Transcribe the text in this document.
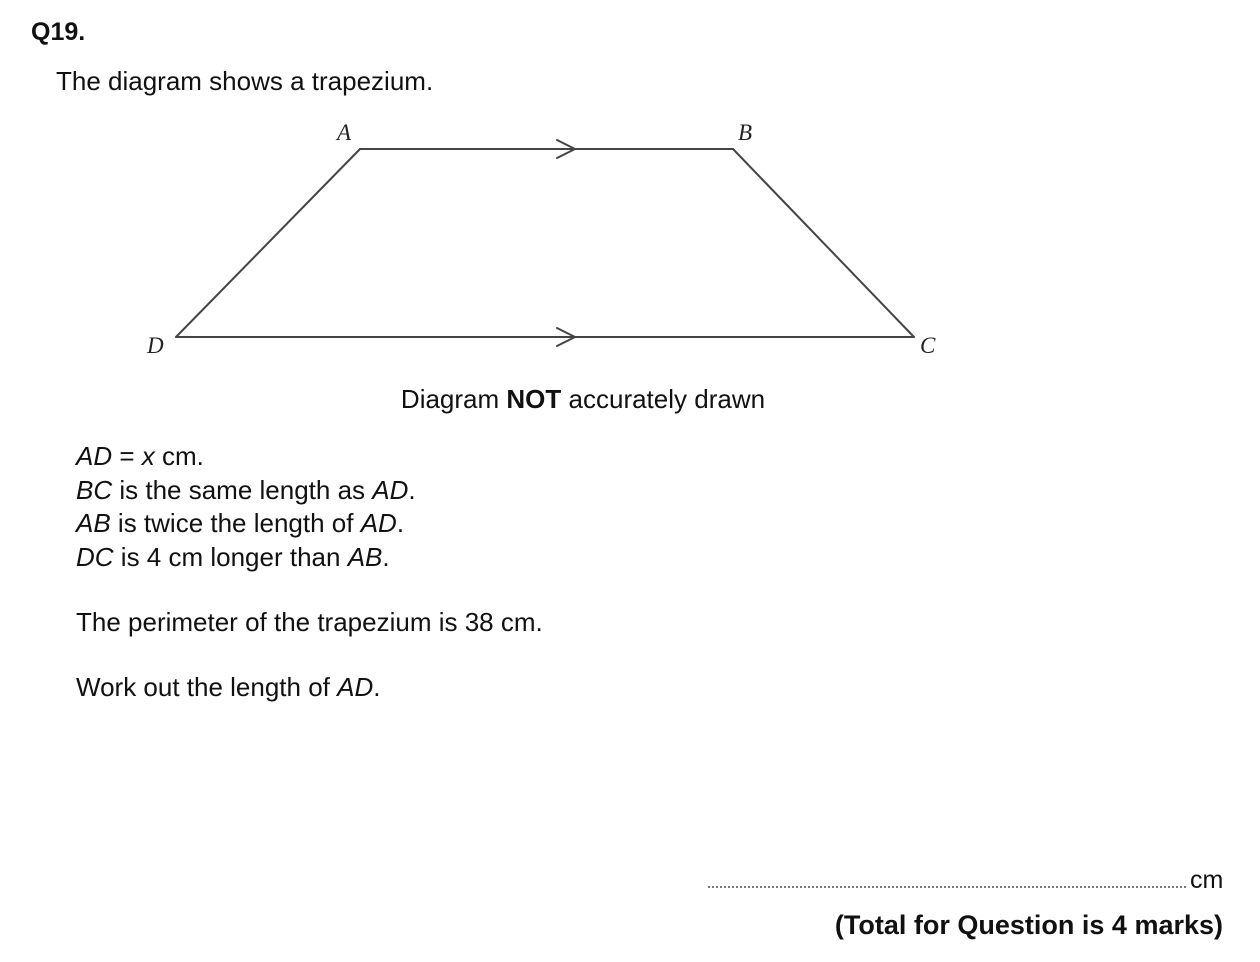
Q19.

The diagram shows a trapezium.

A	B
C
D

Diagram NOT accurately drawn

AD = x cm.
BC is the same length as AD.
AB is twice the length of AD.
DC is 4 cm longer than AB.

The perimeter of the trapezium is 38 cm.

Work out the length of AD.

cm

(Total for Question is 4 marks)
